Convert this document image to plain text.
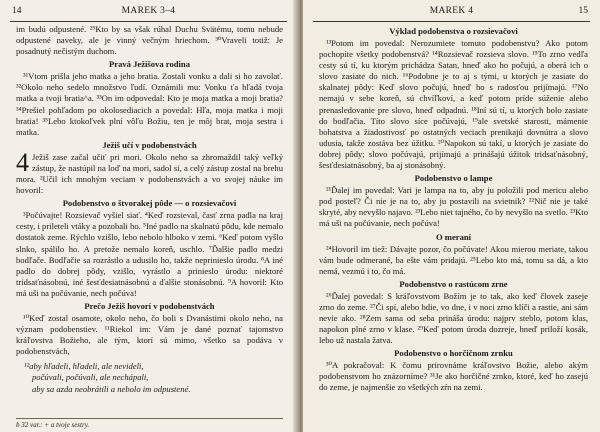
14	MAREK 3–4

im budú odpustené. ²⁹Kto by sa však rúhal Duchu Svätému, tomu nebude odpustené naveky, ale je vinný večným hriechom. ³⁰Vraveli totiž: Je posadnutý nečistým duchom.

Pravá Ježišova rodina

³¹Vtom prišla jeho matka a jeho bratia. Zostali vonku a dali si ho zavolať. ³²Okolo neho sedelo množstvo ľudí. Oznámili mu: Vonku ťa hľadá tvoja matka a tvoji bratia^a. ³³On im odpovedal: Kto je moja matka a moji bratia? ³⁴Prešiel pohľadom po okolosediacich a povedal: Hľa, moja matka i moji bratia! ³⁵Lebo ktokoľvek plní vôľu Božiu, ten je môj brat, moja sestra i matka.

Ježiš učí v podobenstvách

4 Ježiš zase začal učiť pri mori. Okolo neho sa zhromaždil taký veľký zástup, že nastúpil na loď na mori, sadol si, a celý zástup zostal na brehu mora. ²Učil ich mnohým veciam v podobenstvách a vo svojej náuke im hovoril:

Podobenstvo o štvorakej pôde — o rozsievačovi

³Počúvajte! Rozsievač vyšiel siať. ⁴Keď rozsieval, časť zrna padla na kraj cesty, i prileteli vtáky a pozobali ho. ⁵Iné padlo na skalnatú pôdu, kde nemalo dostatok zeme. Rýchlo vzišlo, lebo nebolo hlboko v zemi. ⁶Keď potom vyšlo slnko, spálilo ho. A pretože nemalo koreň, uschlo. ⁷Ďalšie padlo medzi bodľače. Bodľačie sa rozrástlo a udusilo ho, takže neprinieslo úrodu. ⁸A iné padlo do dobrej pôdy, vzišlo, vyrástlo a prinieslo úrodu: niektoré tridsaťnásobnú, iné šesťdesiatnásobnú a ďalšie stonásobnú. ⁹A hovoril: Kto má uši na počúvanie, nech počúva!

Prečo Ježiš hovorí v podobenstvách

¹⁰Keď zostal osamote, okolo neho, čo boli s Dvanástimi okolo neho, na význam podobenstiev. ¹¹Riekol im: Vám je dané poznať tajomstvo kráľovstva Božieho, ale tým, ktorí sú mimo, všetko sa podáva v podobenstvách,

¹²aby hľadeli, hľadeli, ale nevideli,
počúvali, počúvali, ale nechápali,
aby sa azda neobrátili a nebolo im odpustené.
b 32 var.: + a tvoje sestry.
MAREK 4	15
Výklad podobenstva o rozsievačovi

¹³Potom im povedal: Nerozumiete tomuto podobenstvu? Ako potom pochopíte všetky podobenstvá? ¹⁴Rozsievač rozsieva slovo. ¹⁵To zrno vedľa cesty sú tí, ku ktorým prichádza Satan, hneď ako ho počujú, a oberá ich o slovo zasiate do nich. ¹⁶Podobne je to aj s tými, u ktorých je zasiate do skalnatej pôdy: Keď slovo počujú, hneď ho s radosťou prijímajú. ¹⁷No nemajú v sebe koreň, sú chvíľkoví, a keď potom príde súženie alebo prenasledovanie pre slovo, hneď odpadnú. ¹⁸Iní sú tí, u ktorých bolo zasiate do bodľačia. Títo slovo síce počúvajú, ¹⁹ale svetské starosti, mámenie bohatstva a žiadostivosť po ostatných veciach prenikajú dovnútra a slovo udusia, takže zostáva bez úžitku. ²⁰Napokon sú takí, u ktorých je zasiate do dobrej pôdy; slovo počúvajú, prijímajú a prinášajú úžitok tridsaťnásobný, šesťdesiatnásobný, ba aj stonásobný.

Podobenstvo o lampe

²¹Ďalej im povedal: Vari je lampa na to, aby ju položili pod mericu alebo pod posteľ? Či nie je na to, aby ju postavili na svietnik? ²²Nič nie je také skryté, aby nevyšlo najavo. ²³Lebo niet tajného, čo by nevyšlo na svetlo. ²³Kto má uši na počúvanie, nech počúva!

O meraní

²⁴Hovoril im tiež: Dávajte pozor, čo počúvate! Akou mierou meriate, takou vám bude odmerané, ba ešte vám pridajú. ²⁵Lebo kto má, tomu sa dá, a kto nemá, vezmú i to, čo má.

Podobenstvo o rastúcom zrne

²⁶Ďalej povedal: S kráľovstvom Božím je to tak, ako keď človek zaseje zrno do zeme. ²⁷Či spí, alebo bdie, vo dne, i v noci zrno klíči a rastie, ani sám nevie ako. ²⁸Zem sama od seba prináša úrodu: najprv steblo, potom klas, napokon plné zrno v klase. ²⁹Keď potom úroda dozreje, hneď priloží kosák, lebo už nastala žatva.

Podobenstvo o horčičnom zrnku

³⁰A pokračoval: K čomu prirovnáme kráľovstvo Božie, alebo akým podobenstvom ho znázorníme? ³¹Je ako horčičné zrnko, ktoré, keď ho zasejú do zeme, je najmenšie zo všetkých zŕn na zemi.
